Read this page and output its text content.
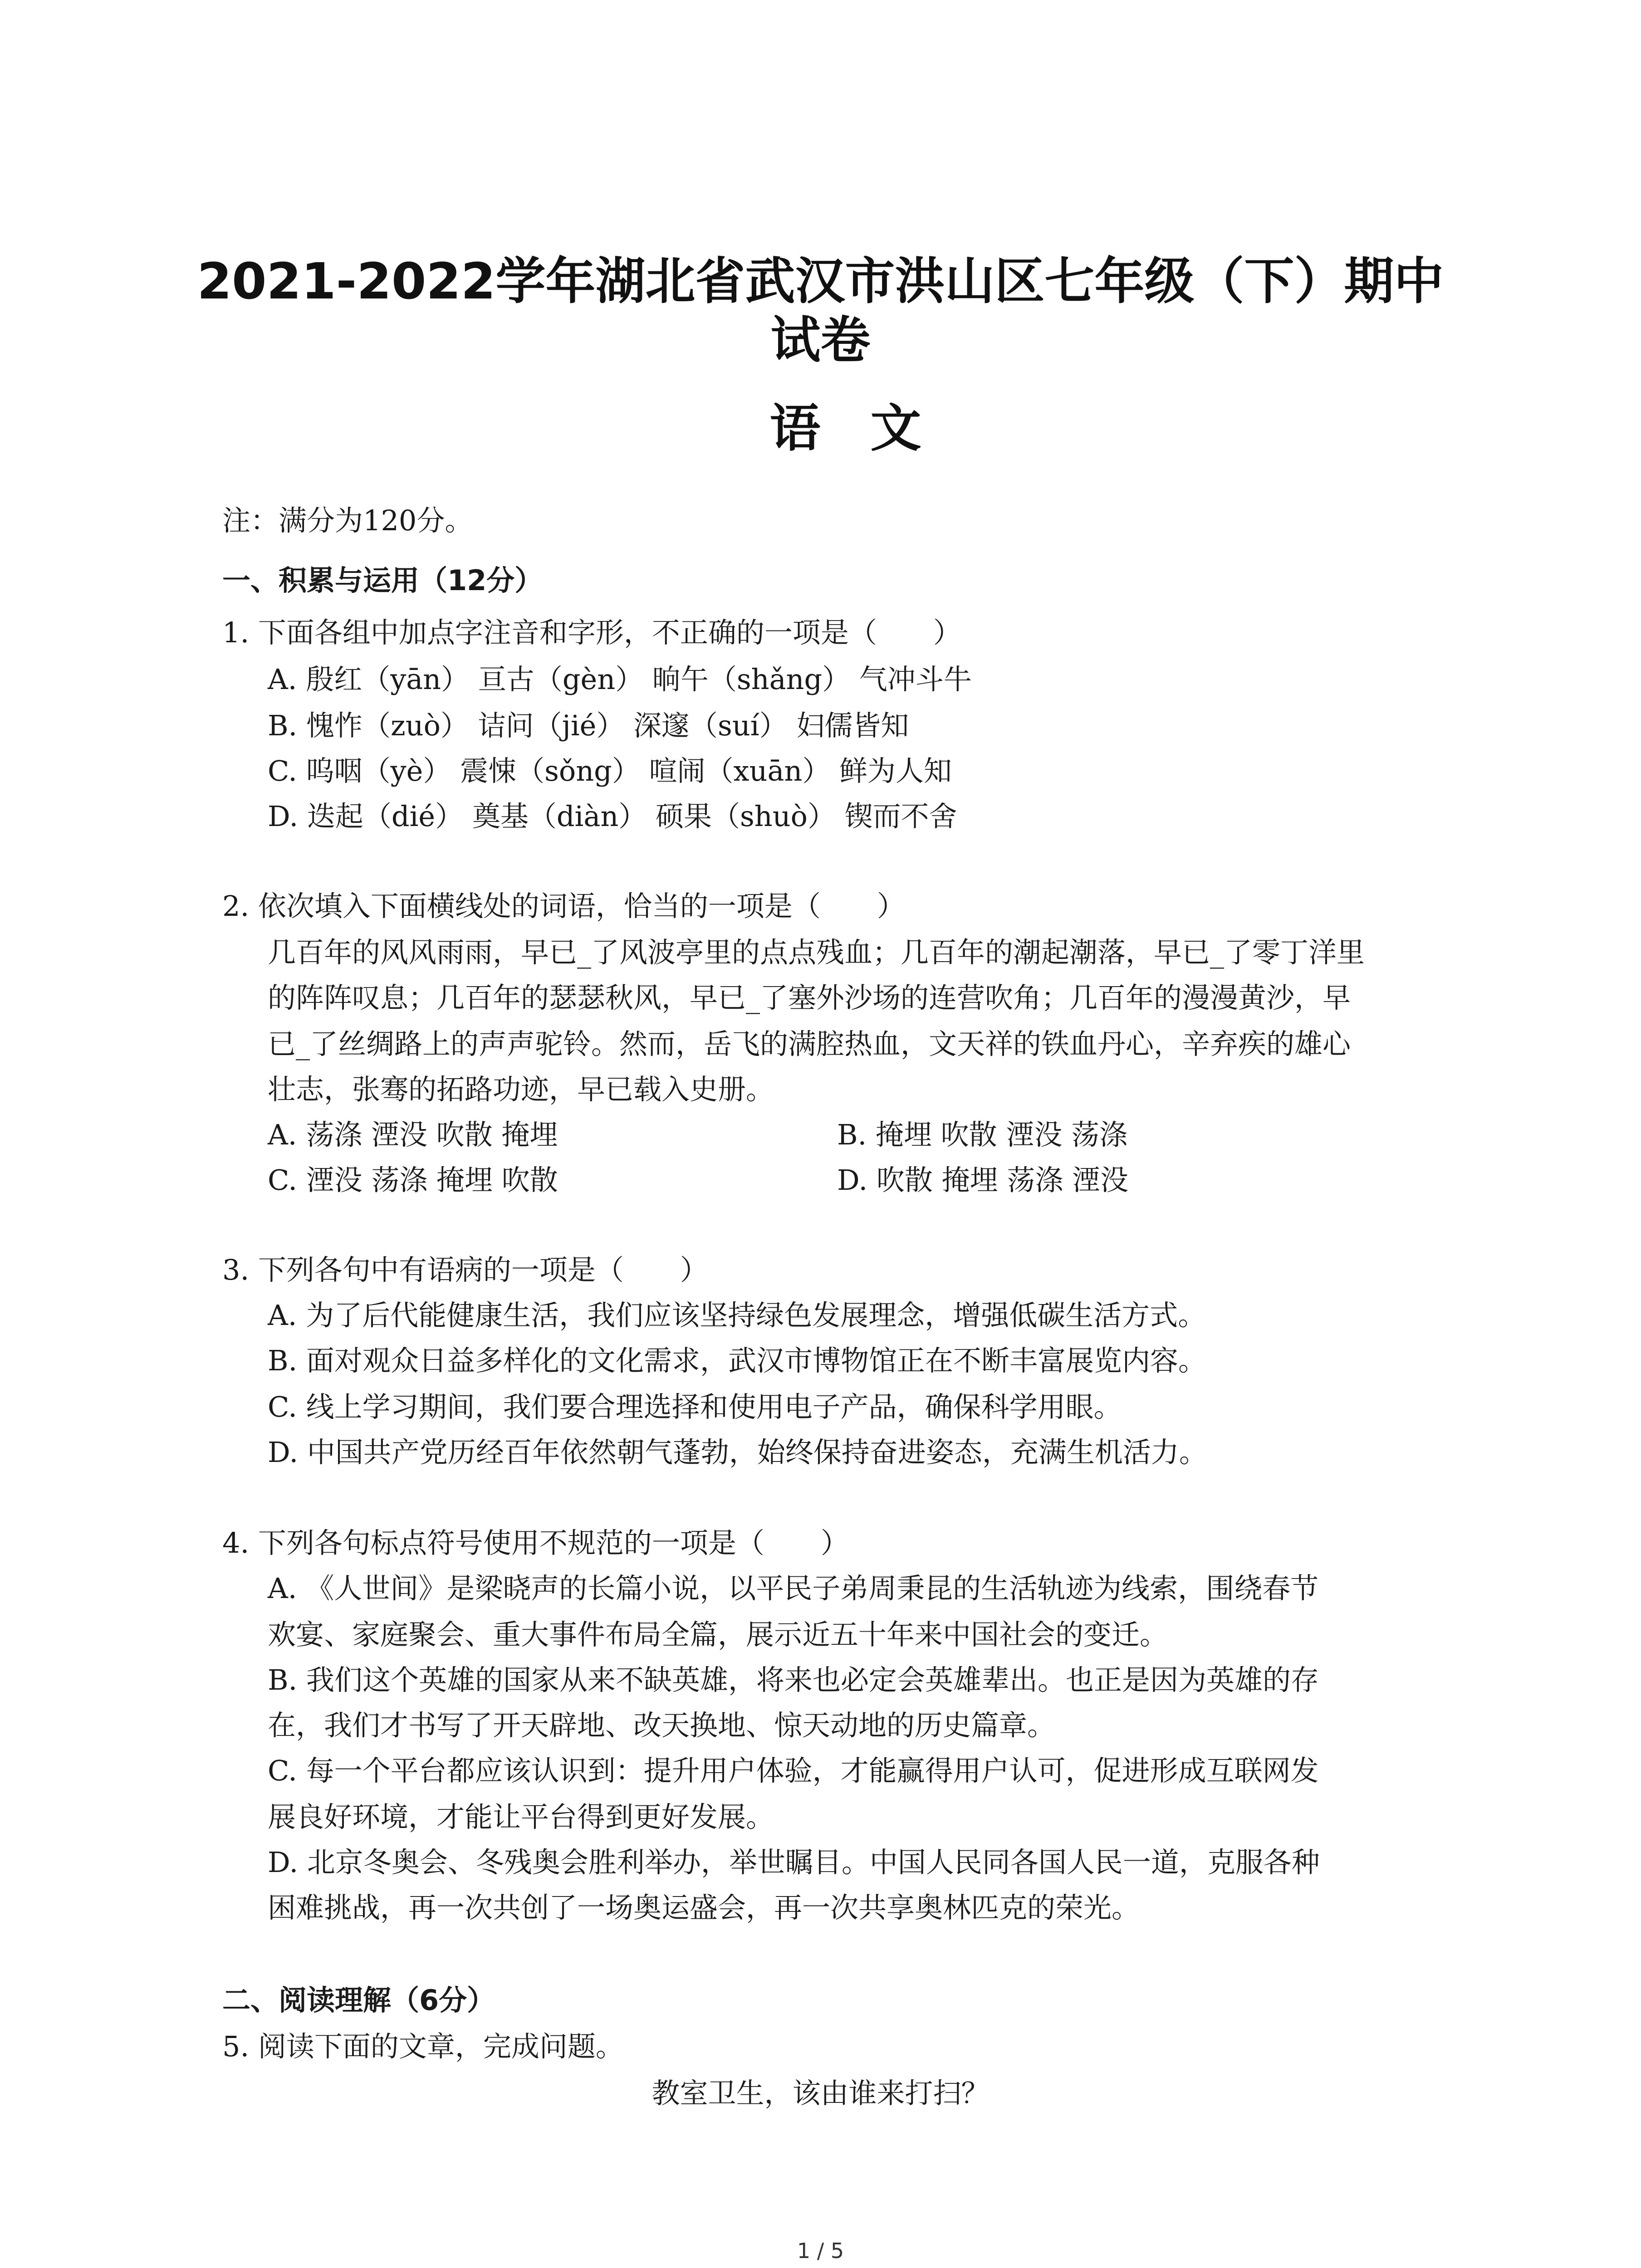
2021-2022学年湖北省武汉市洪山区七年级（下）期中
试卷
语文
注：满分为120分。
一、积累与运用（12分）
1. 下面各组中加点字注音和字形，不正确的一项是（　　）
A. 殷红（yān） 亘古（gèn） 晌午（shǎng） 气冲斗牛
B. 愧怍（zuò） 诘问（jié） 深邃（suí） 妇儒皆知
C. 呜咽（yè） 震悚（sǒng） 喧闹（xuān） 鲜为人知
D. 迭起（dié） 奠基（diàn） 硕果（shuò） 锲而不舍
2. 依次填入下面横线处的词语，恰当的一项是（　　）
几百年的风风雨雨，早已_了风波亭里的点点残血；几百年的潮起潮落，早已_了零丁洋里
的阵阵叹息；几百年的瑟瑟秋风，早已_了塞外沙场的连营吹角；几百年的漫漫黄沙，早
已_了丝绸路上的声声驼铃。然而，岳飞的满腔热血，文天祥的铁血丹心，辛弃疾的雄心
壮志，张骞的拓路功迹，早已载入史册。
A. 荡涤 湮没 吹散 掩埋	B. 掩埋 吹散 湮没 荡涤
C. 湮没 荡涤 掩埋 吹散	D. 吹散 掩埋 荡涤 湮没
3. 下列各句中有语病的一项是（　　）
A. 为了后代能健康生活，我们应该坚持绿色发展理念，增强低碳生活方式。
B. 面对观众日益多样化的文化需求，武汉市博物馆正在不断丰富展览内容。
C. 线上学习期间，我们要合理选择和使用电子产品，确保科学用眼。
D. 中国共产党历经百年依然朝气蓬勃，始终保持奋进姿态，充满生机活力。
4. 下列各句标点符号使用不规范的一项是（　　）
A. 《人世间》是梁晓声的长篇小说，以平民子弟周秉昆的生活轨迹为线索，围绕春节
欢宴、家庭聚会、重大事件布局全篇，展示近五十年来中国社会的变迁。
B. 我们这个英雄的国家从来不缺英雄，将来也必定会英雄辈出。也正是因为英雄的存
在，我们才书写了开天辟地、改天换地、惊天动地的历史篇章。
C. 每一个平台都应该认识到：提升用户体验，才能赢得用户认可，促进形成互联网发
展良好环境，才能让平台得到更好发展。
D. 北京冬奥会、冬残奥会胜利举办，举世瞩目。中国人民同各国人民一道，克服各种
困难挑战，再一次共创了一场奥运盛会，再一次共享奥林匹克的荣光。
二、阅读理解（6分）
5. 阅读下面的文章，完成问题。
教室卫生，该由谁来打扫？
1 / 5
